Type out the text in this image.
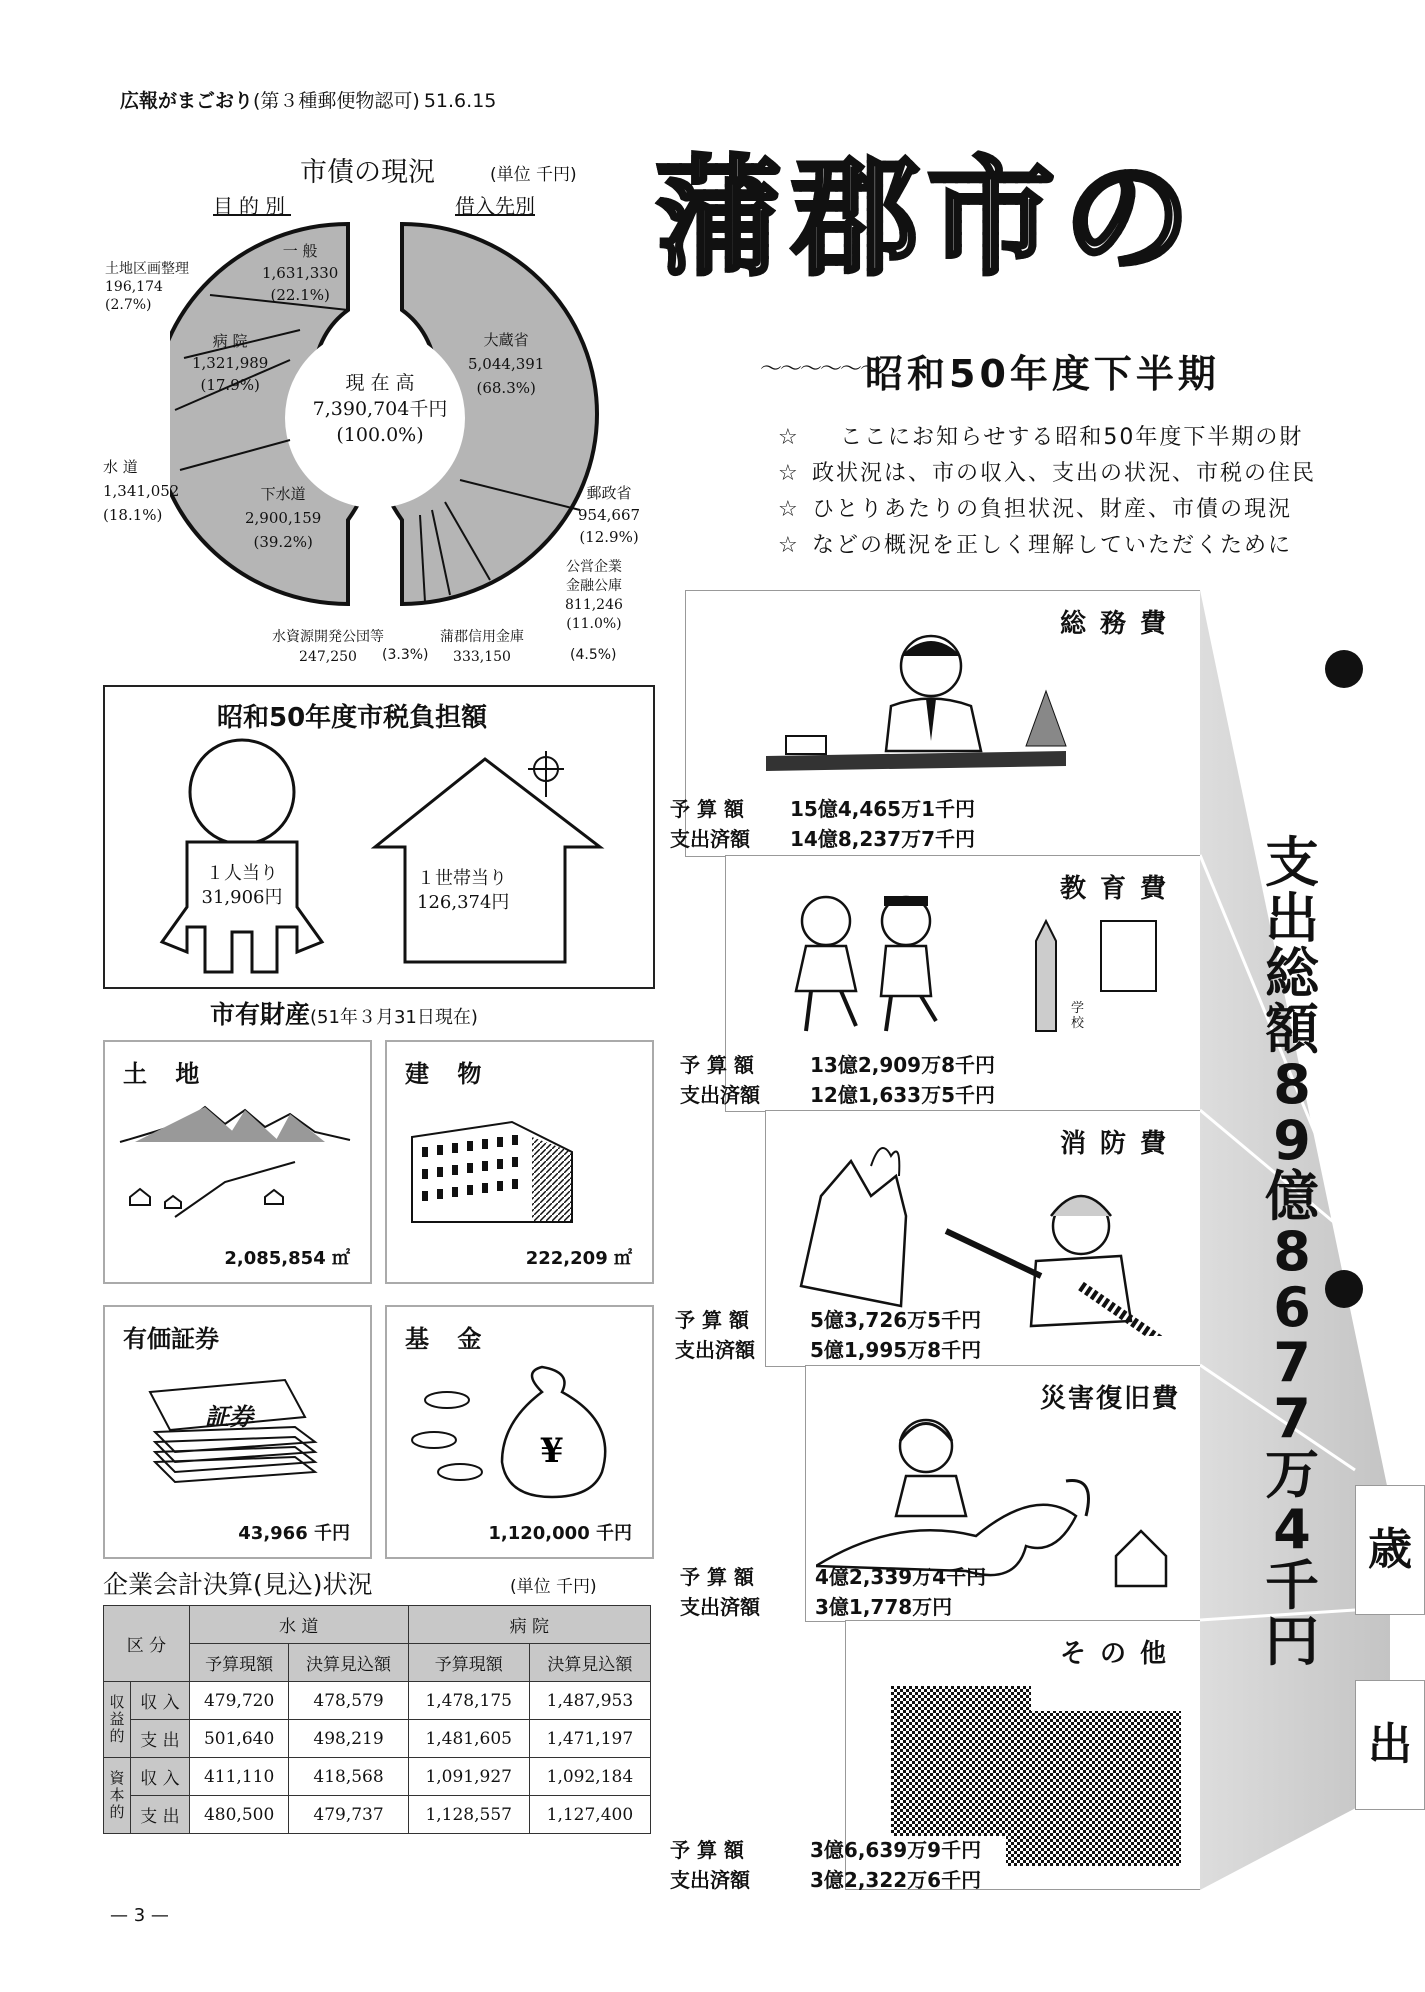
広報がまごおり(第３種郵便物認可) 51.6.15
市債の現況	(単位 千円)
目的別	借入先別
現 在 高
7,390,704千円
(100.0%)
一 般
1,631,330
(22.1%)
土地区画整理
196,174
(2.7%)
病 院
1,321,989
(17.9%)
水 道
1,341,052
(18.1%)
下水道
2,900,159
(39.2%)
大蔵省
5,044,391
(68.3%)
郵政省
954,667
(12.9%)
公営企業
金融公庫
811,246
(11.0%)
蒲郡信用金庫
333,150	(4.5%)
水資源開発公団等
247,250	(3.3%)
昭和50年度市税負担額
１人当り
31,906円
１世帯当り
126,374円
市有財産(51年３月31日現在)
土 地
2,085,854 ㎡
建 物
222,209 ㎡
有価証券
証券
43,966 千円
基 金
¥
1,120,000 千円
企業会計決算(見込)状況	(単位 千円)
区 分		水 道		病 院	
		予算現額	決算見込額	予算現額	決算見込額
収益的	収 入	479,720	478,579	1,478,175	1,487,953
	支 出	501,640	498,219	1,481,605	1,471,197
資本的	収 入	411,110	418,568	1,091,927	1,092,184
	支 出	480,500	479,737	1,128,557	1,127,400
— 3 —
蒲郡市の
〜〜〜〜〜〜
昭和50年度下半期
☆
☆
☆
☆
ここにお知らせする昭和50年度下半期の財
政状況は、市の収入、支出の状況、市税の住民
ひとりあたりの負担状況、財産、市債の現況
などの概況を正しく理解していただくために
総務費
予 算 額 15億4,465万1千円
支出済額 14億8,237万7千円
教育費
学校
予 算 額	13億2,909万8千円
支出済額	12億1,633万5千円
消防費
予 算 額	5億3,726万5千円
支出済額	5億1,995万8千円
災害復旧費
予 算 額	4億2,339万4千円
支出済額	3億1,778万円
その他
予 算 額	3億6,639万9千円
支出済額	3億2,322万6千円
支出総額89億8677万4千円
歳
出
